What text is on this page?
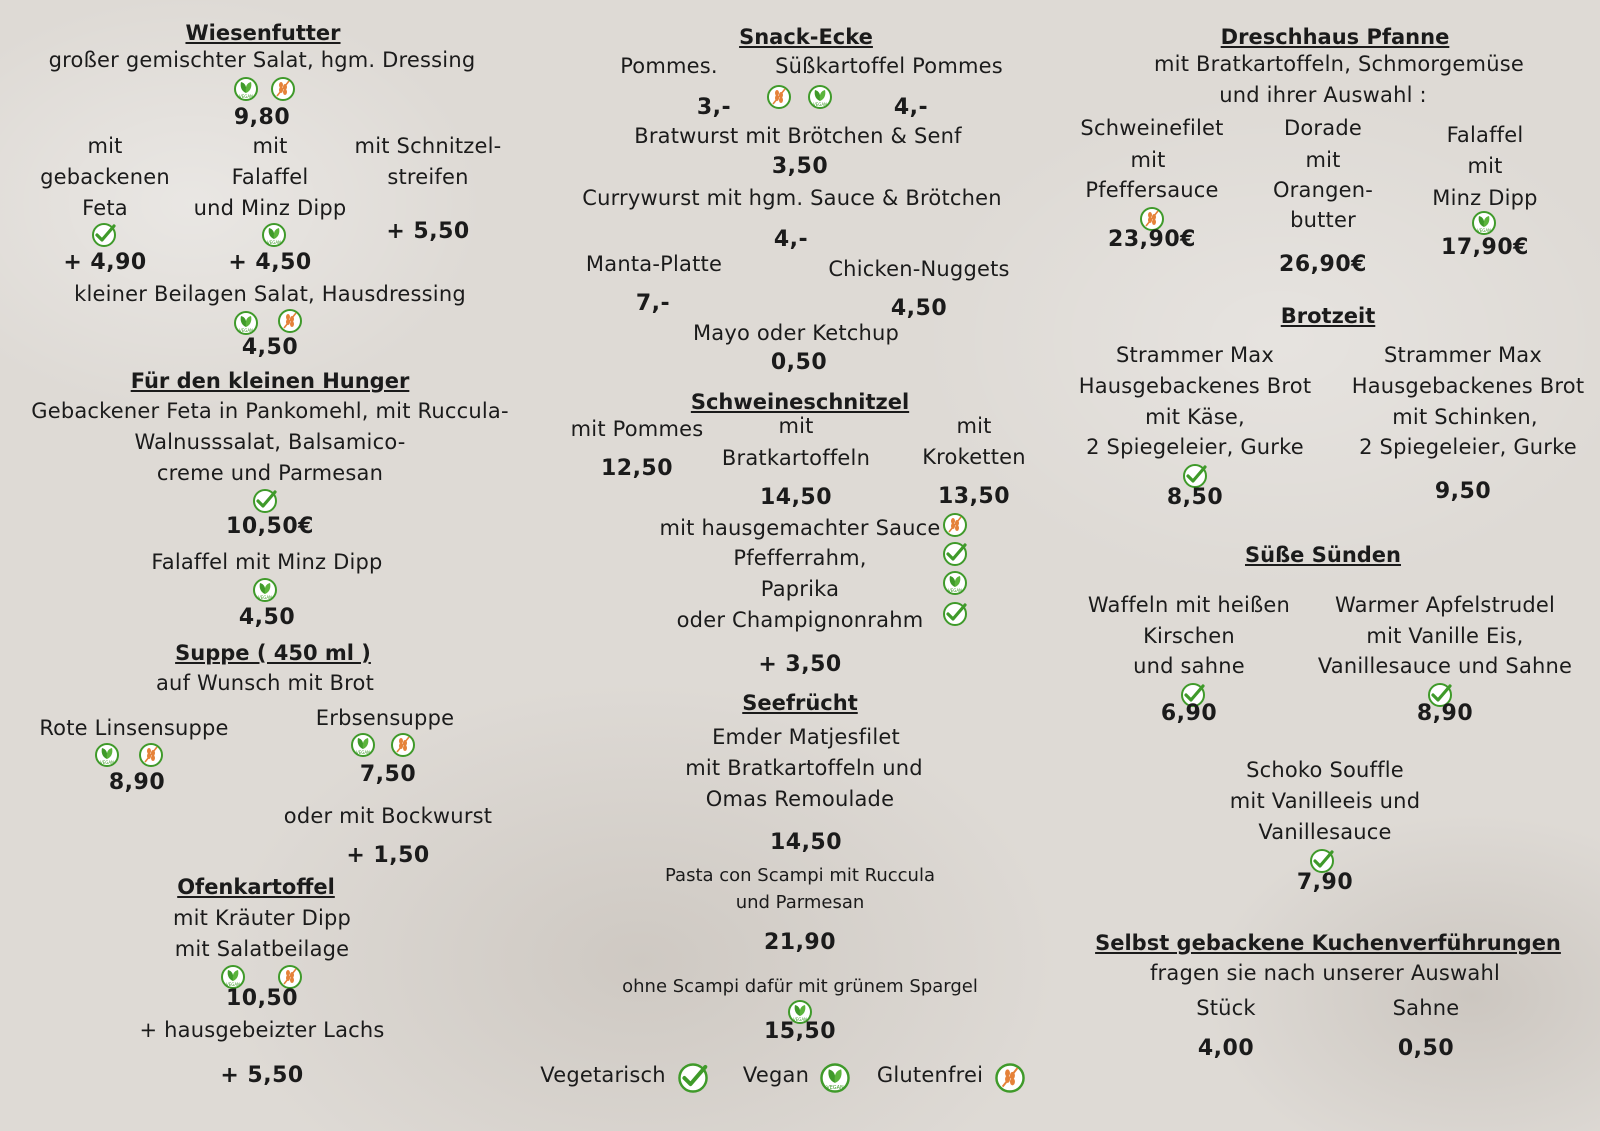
Wiesenfutter
großer gemischter Salat, hgm. Dressing
9,80
mit
gebackenen
Feta
+ 4,90
mit
Falaffel
und Minz Dipp
+ 4,50
mit Schnitzel-
streifen
+ 5,50
kleiner Beilagen Salat, Hausdressing
4,50
Für den kleinen Hunger
Gebackener Feta in Pankomehl, mit Ruccula-
Walnusssalat, Balsamico-
creme und Parmesan
10,50€
Falaffel mit Minz Dipp
4,50
Suppe ( 450 ml )
auf Wunsch mit Brot
Rote Linsensuppe
8,90
Erbsensuppe
7,50
oder mit Bockwurst
+ 1,50
Ofenkartoffel
mit Kräuter Dipp
mit Salatbeilage
10,50
+ hausgebeizter Lachs
+ 5,50
Snack-Ecke
Pommes.	Süßkartoffel Pommes
3,-	4,-
Bratwurst mit Brötchen & Senf
3,50
Currywurst mit hgm. Sauce & Brötchen
4,-
Manta-Platte	Chicken-Nuggets
7,-	4,50
Mayo oder Ketchup
0,50
Schweineschnitzel
mit Pommes
12,50
mit
Bratkartoffeln
14,50
mit
Kroketten
13,50
mit hausgemachter Sauce
Pfefferrahm,
Paprika
oder Champignonrahm
+ 3,50
Seefrücht
Emder Matjesfilet
mit Bratkartoffeln und
Omas Remoulade
14,50
Pasta con Scampi mit Ruccula
und Parmesan
21,90
ohne Scampi dafür mit grünem Spargel
15,50
Vegetarisch	Vegan	Glutenfrei
Dreschhaus Pfanne
mit Bratkartoffeln, Schmorgemüse
und ihrer Auswahl :
Schweinefilet
mit
Pfeffersauce
23,90€
Dorade
mit
Orangen-
butter
26,90€
Falaffel
mit
Minz Dipp
17,90€
Brotzeit
Strammer Max
Hausgebackenes Brot
mit Käse,
2 Spiegeleier, Gurke
8,50
Strammer Max
Hausgebackenes Brot
mit Schinken,
2 Spiegeleier, Gurke
9,50
Süße Sünden
Waffeln mit heißen
Kirschen
und sahne
6,90
Warmer Apfelstrudel
mit Vanille Eis,
Vanillesauce und Sahne
8,90
Schoko Souffle
mit Vanilleeis und
Vanillesauce
7,90
Selbst gebackene Kuchenverführungen
fragen sie nach unserer Auswahl
Stück
4,00
Sahne
0,50
